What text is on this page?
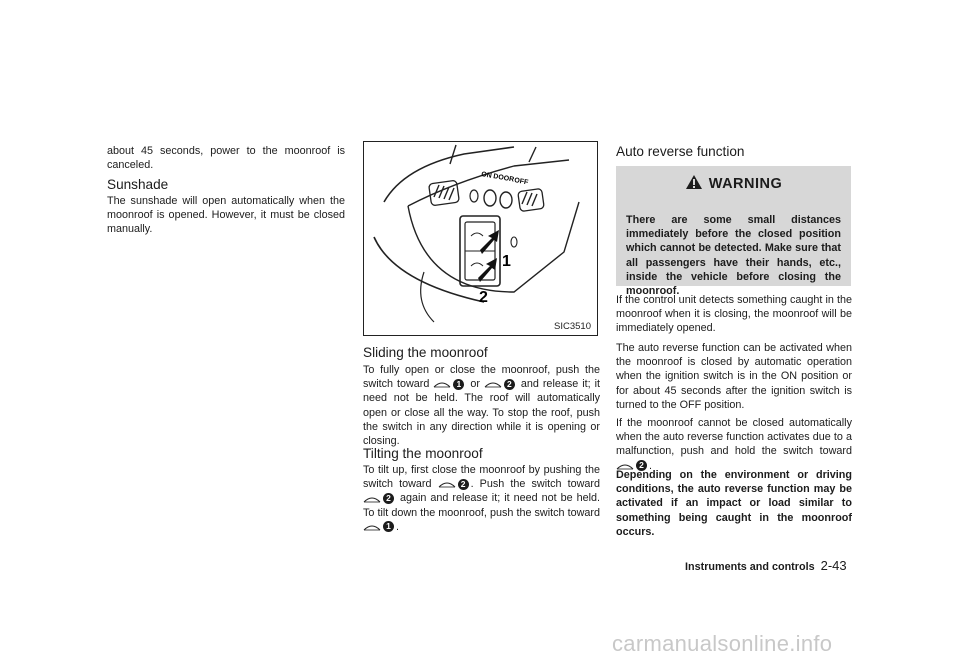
about 45 seconds, power to the moonroof is canceled.

Sunshade

The sunshade will open automatically when the moonroof is opened. However, it must be closed manually.

ON DOOR OFF
1
2
SIC3510
Sliding the moonroof

To fully open or close the moonroof, push the switch toward	1 or	2 and release it; it need not be held. The roof will automatically open or close all the way. To stop the roof, push the switch in any direction while it is opening or closing.

Tilting the moonroof

To tilt up, first close the moonroof by pushing the switch toward	2 . Push the switch toward 2 again and release it; it need not be held. To tilt down the moonroof, push the switch toward 1 .

Auto reverse function
WARNING
There are some small distances immediately before the closed position which cannot be detected. Make sure that all passengers have their hands, etc., inside the vehicle before closing the moonroof.

If the control unit detects something caught in the moonroof when it is closing, the moonroof will be immediately opened.

The auto reverse function can be activated when the moonroof is closed by automatic operation when the ignition switch is in the ON position or for about 45 seconds after the ignition switch is turned to the OFF position.

If the moonroof cannot be closed automatically when the auto reverse function activates due to a malfunction, push and hold the switch toward 2 .

Depending on the environment or driving conditions, the auto reverse function may be activated if an impact or load similar to something being caught in the moonroof occurs.

Instruments and controls 2-43
carmanualsonline.info
